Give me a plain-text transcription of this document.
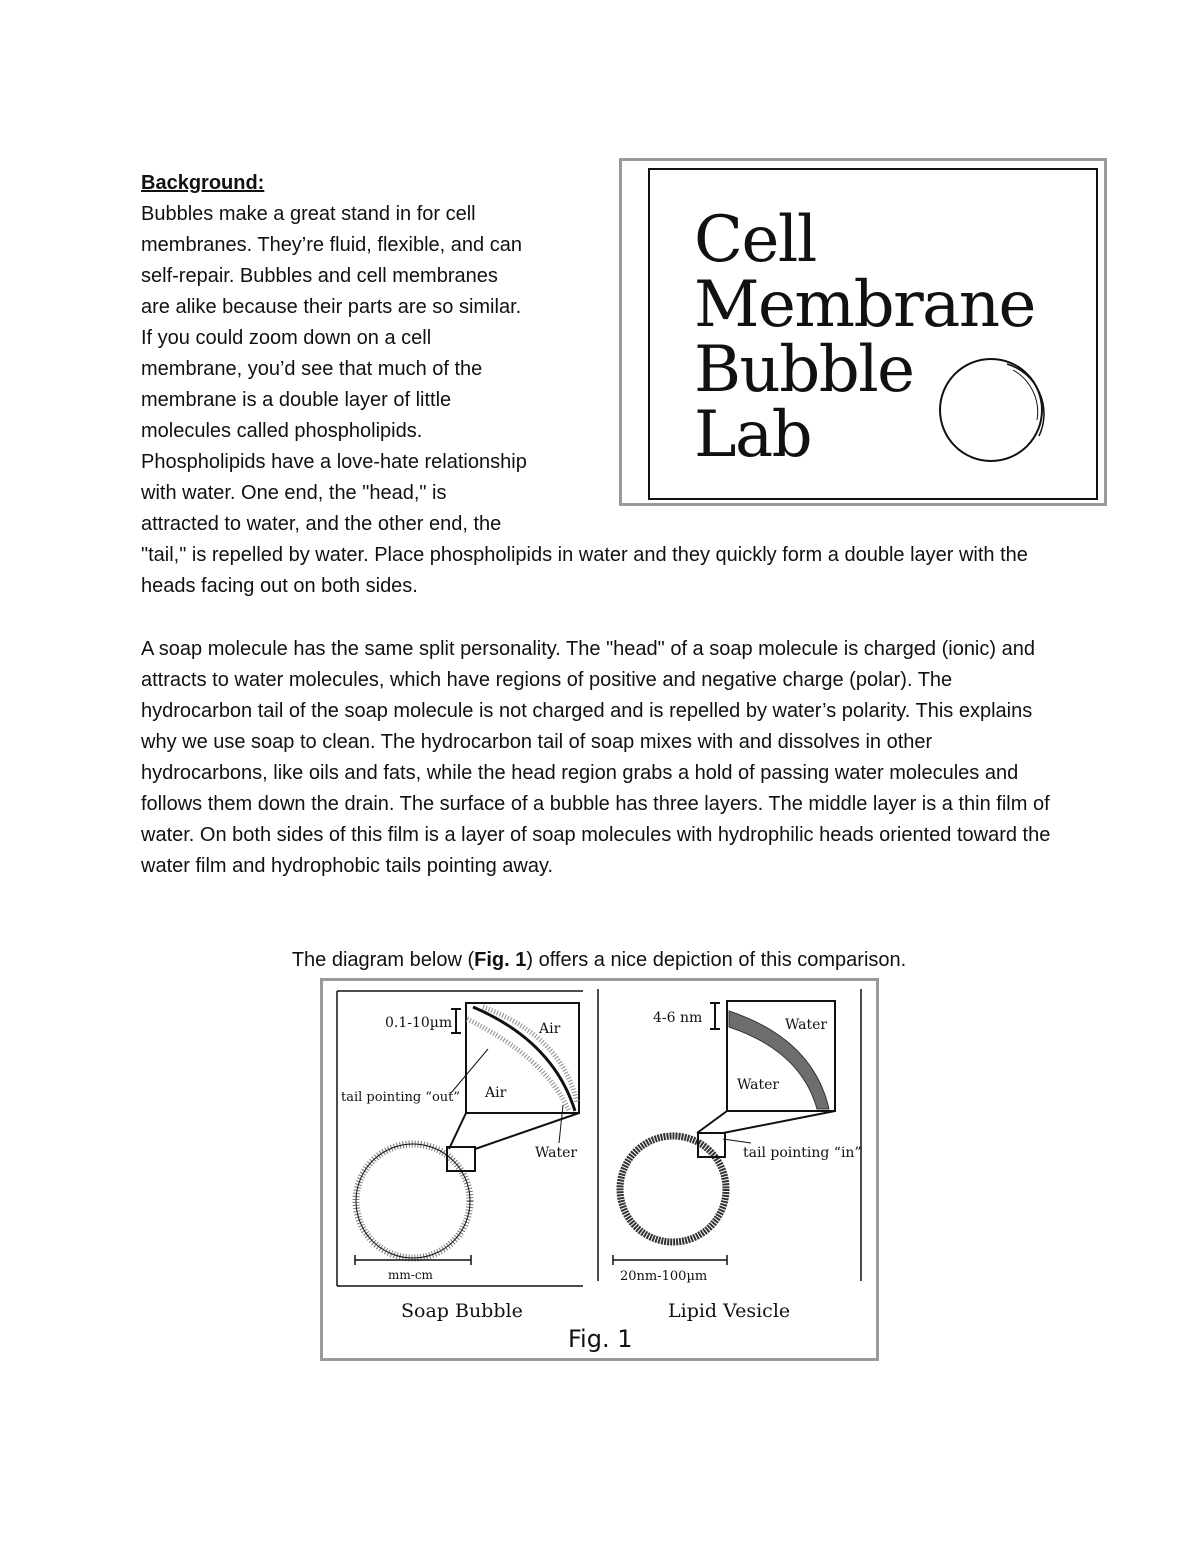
Cell

Membrane

Bubble

Lab

Background:

Bubbles make a great stand in for cell
membranes. They’re fluid, flexible, and can
self-repair. Bubbles and cell membranes
are alike because their parts are so similar.
If you could zoom down on a cell
membrane, you’d see that much of the
membrane is a double layer of little
molecules called phospholipids.
Phospholipids have a love-hate relationship
with water. One end, the "head," is
attracted to water, and the other end, the

"tail," is repelled by water. Place phospholipids in water and they quickly form a double layer with the heads facing out on both sides.

A soap molecule has the same split personality. The "head" of a soap molecule is charged (ionic) and attracts to water molecules, which have regions of positive and negative charge (polar). The hydrocarbon tail of the soap molecule is not charged and is repelled by water’s polarity. This explains why we use soap to clean. The hydrocarbon tail of soap mixes with and dissolves in other hydrocarbons, like oils and fats, while the head region grabs a hold of passing water molecules and follows them down the drain. The surface of a bubble has three layers. The middle layer is a thin film of water. On both sides of this film is a layer of soap molecules with hydrophilic heads oriented toward the water film and hydrophobic tails pointing away.

The diagram below (Fig. 1) offers a nice depiction of this comparison.

0.1-10µm	Air
Air
tail pointing “out”
Water
mm-cm
Soap Bubble
4-6 nm	Water
Water
tail pointing “in”
20nm-100µm
Lipid Vesicle
Fig. 1
